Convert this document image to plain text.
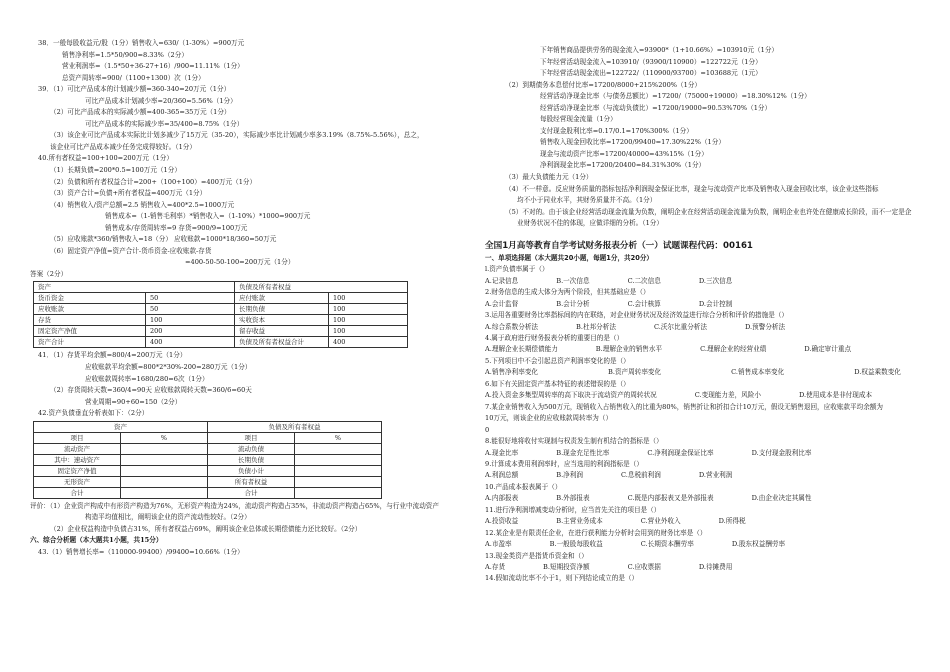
38．一般每股收益元/股（1分）销售收入=630/（1-30%）=900万元
销售净利率=1.5*50/900=8.33%（2分）
营业利润率=（1.5*50+36-27+16）/900=11.11%（1分）
总资产周转率=900/（1100+1300）次（1分）
39．（1）可比产品成本的计划减少额=360-340=20万元（1分）
可比产品成本计划减少率=20/360=5.56%（1分）
（2）可比产品成本的实际减少额=400-365=35万元（1分）
可比产品成本的实际减少率=35/400=8.75%（1分）
（3）该企业可比产品成本实际比计划多减少了15万元（35-20），实际减少率比计划减少率多3.19%（8.75%-5.56%），总之，
该企业可比产品成本减少任务完成得较好。（1分）
40.所有者权益=100+100=200万元（1分）
（1）长期负债=200*0.5=100万元（1分）
（2）负债和所有者权益合计=200+（100+100）=400万元（1分）
（3）资产合计=负债+所有者权益=400万元（1分）
（4）销售收入/资产总额=2.5 销售收入=400*2.5=1000万元
销售成本=（1-销售毛利率）*销售收入=（1-10%）*1000=900万元
销售成本/存货周转率=9 存货=900/9=100万元
（5）应收账款*360/销售收入=18（分） 应收账款=1000*18/360=50万元
（6）固定资产净值=资产合计-货币资金-应收账款-存货
=400-50-50-100=200万元（1分）
答案（2分）
资产		负债及所有者权益	
货币资金	50	应付账款	100
应收账款	50	长期负债	100
存货	100	实收资本	100
固定资产净值	200	留存收益	100
资产合计	400	负债及所有者权益合计	400
41．（1）存货平均余额=800/4=200万元（1分）
应收账款平均余额=800*2*30%-200=280万元（1分）
应收账款周转率=1680/280=6次（1分）
（2）存货周转天数=360/4=90天 应收账款周转天数=360/6=60天
营业周期=90+60=150（2分）
42.资产负债垂直分析表如下：（2分）
资产		负债及所有者权益	
项目	%	项目	%
流动资产		流动负债	
其中：速动资产		长期负债	
固定资产净值		负债小计	
无形资产		所有者权益	
合计		合计	
评价：（1）企业资产构成中有形资产构造为76%，无形资产构造为24%，流动资产构造占35%，非流动资产构造占65%，与行业中流动资产
构造平均值相比，阐明该企业的资产流动性较好。（2分）
（2）企业权益构造中负债占31%，所有者权益占69%，阐明该企业总体或长期偿债能力还比较好。（2分）
六、综合分析题（本大题共1小题，共15分）
43.（1）销售增长率=（110000-99400）/99400=10.66%（1分）
下年销售商品提供劳务的现金流入=93900*（1+10.66%）=103910元（1分）
下年经营活动现金流入=103910/（93900/110900）=122722元（1分）
下年经营活动现金流出=122722/（110900/93700）=103688元（1元）
（2）到期债务本息偿付比率=17200/8000+215%200%（1分）
经营活动净现金比率（与债务总额比）=17200/（75000+19000）=18.30%12%（1分）
经营活动净现金比率（与流动负债比）=17200/19000=90.53%70%（1分）
每股经营现金流量（1分）
支付现金股利比率=0.17/0.1=170%300%（1分）
销售收入现金回收比率=17200/99400=17.30%22%（1分）
现金与流动资产比率=17200/40000=43%15%（1分）
净利润现金比率=17200/20400=84.31%30%（1分）
（3）最大负债能力元（1分）
（4）不一样意。反应财务质量的指标包括净利润现金保证比率，现金与流动资产比率及销售收入现金回收比率，该企业这些指标
均不小于同业水平，其财务质量并不高。（1分）
（5）不对的。由于该企业经营活动现金流量为负数，阐明企业在经营活动现金流量为负数，阐明企业也许处在健康成长阶段，而不一定是企
业财务状况不佳的体现，应做详细的分析。（1分）
全国1月高等教育自学考试财务报表分析（一）试题课程代码：00161
一、单项选择题（本大题共20小题，每题1分，共20分）
l.资产负债率属于（）
A.记录信息	B.一次信息	C.二次信息	D.三次信息
2.财务信息的生成大体分为两个阶段，但其基础应是（）
A.会计监督	B.会计分析	C.会计核算	D.会计控制
3.运用各重要财务比率指标间的内在联络，对企业财务状况及经济效益进行综合分析和评价的措施是（）
A.综合系数分析法	B.杜邦分析法	C.沃尔比重分析法	D.预警分析法
4.属于政府进行财务报表分析的重要目的是（）
A.理解企业长期偿债能力	B.理解企业的销售水平	C.理解企业的经营业绩	D.确定审计重点
5.下列项目中不会引起总资产利润率变化的是（）
A.销售净利率变化	B.资产周转率变化	C.销售成本率变化	D.权益乘数变化
6.如下有关固定资产基本特征的表述错误的是（）
A.投入资金多集型周转率的高下取决于流动资产的周转状况	C.变现能力差，风险小	D.使用成本是非付现成本
7.某企业销售收入为500万元，现销收入占销售收入的比重为80%，销售折让和折扣合计10万元，假设无销售退回，应收账款平均余额为
10万元，则该企业的应收账款周转率为（）
0
8.能很好地将收付实现制与权责发生制有机结合的指标是（）
A.现金比率	B.现金充足性比率	C.净利润现金保证比率	D.支付现金股利比率
9.计算成本费用利润率时，应当选用的利润指标是（）
A.利润总额	B.净利润	C.息税前利润	D.营业利润
10.产品成本报表属于（）
A.内部报表	B.外部报表	C.既是内部报表又是外部报表	D.由企业决定其属性
11.进行净利润增减变动分析时，应当首先关注的项目是（）
A.投资收益	B.主营业务成本	C.营业外收入	D.所得税
12.某企业是有限责任企业，在进行获利能力分析时会用到的财务比率是（）
A.市盈率	B.一般股每股收益	C.长期资本酬劳率	D.股东权益酬劳率
13.现金类资产是指货币资金和（）
A.存货	B.短期投资净额	C.应收票据	D.待摊费用
14.假如流动比率不小于1，则下列结论成立的是（）
